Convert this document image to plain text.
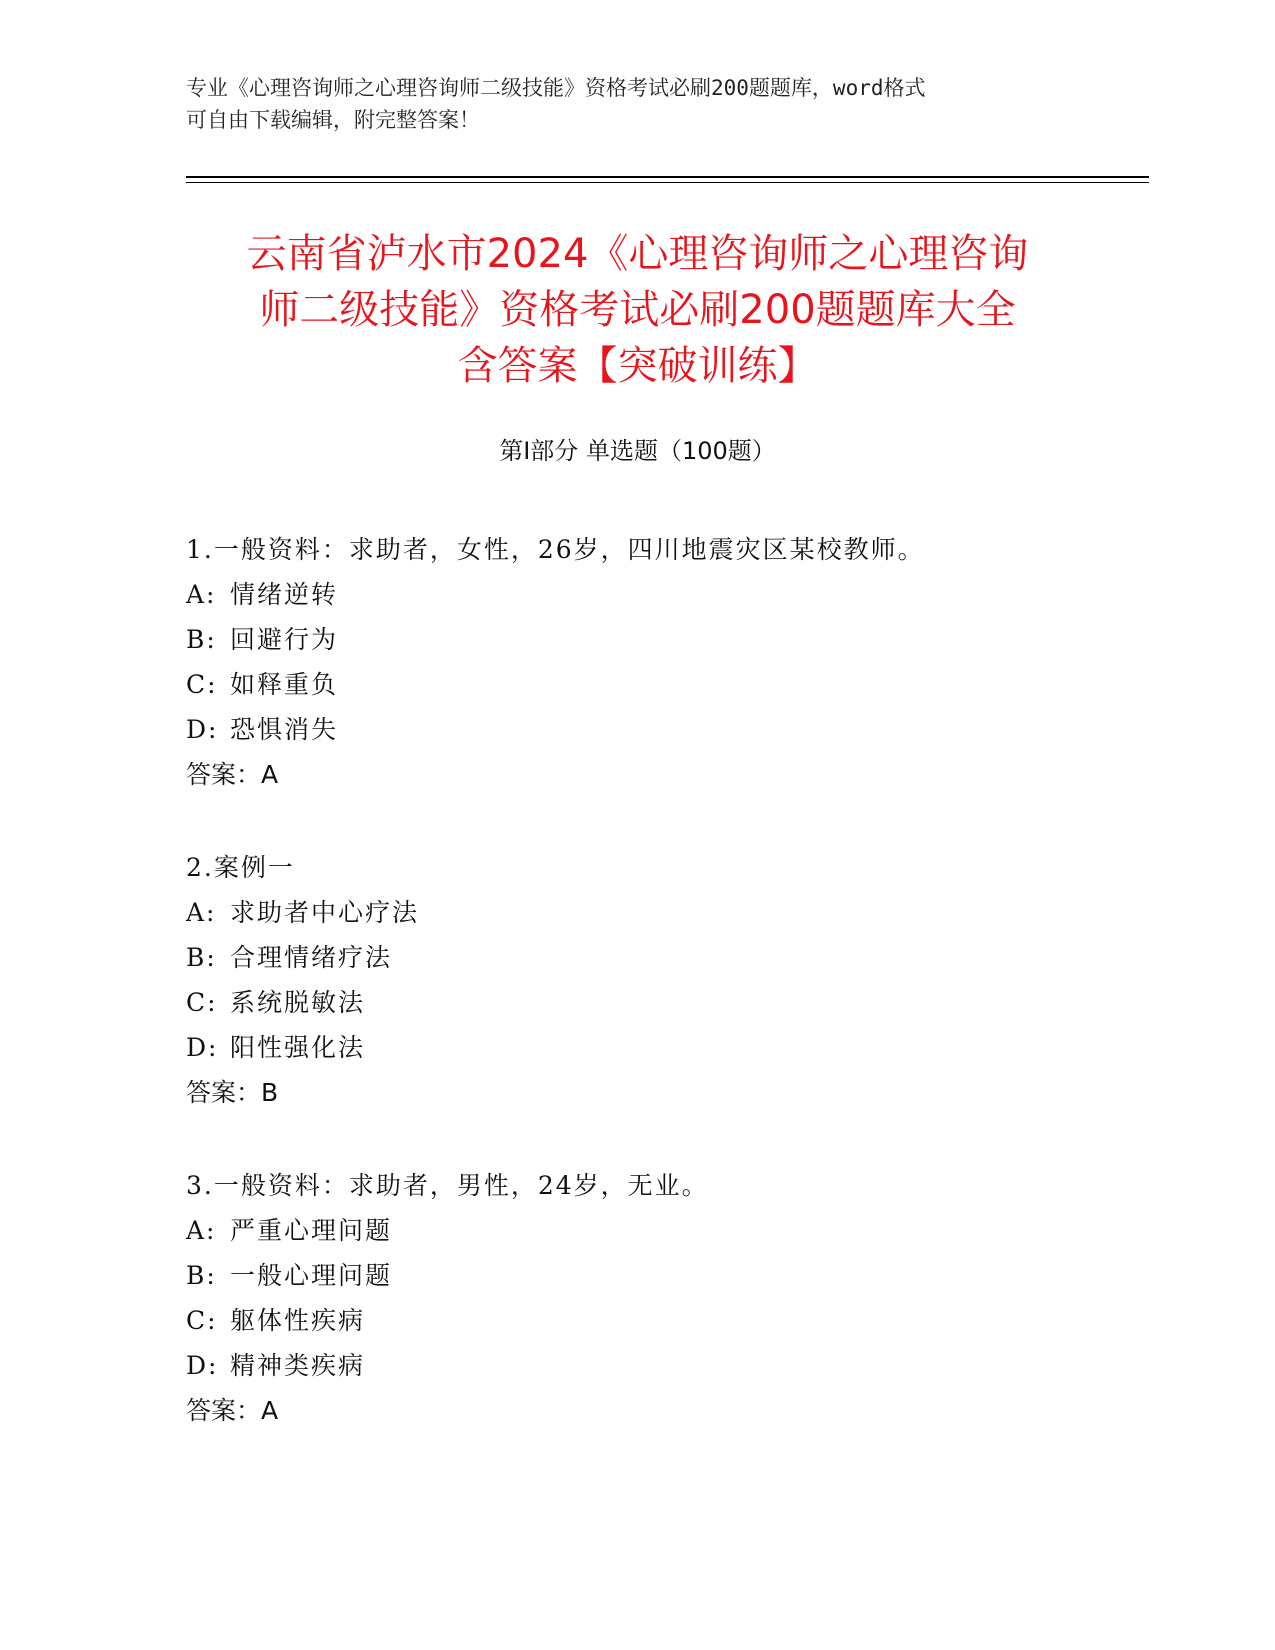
专业《心理咨询师之心理咨询师二级技能》资格考试必刷200题题库，word格式
可自由下载编辑，附完整答案！
云南省泸水市2024《心理咨询师之心理咨询
师二级技能》资格考试必刷200题题库大全
含答案【突破训练】
第Ⅰ部分 单选题（100题）
1.一般资料：求助者，女性，26岁，四川地震灾区某校教师。
A: 情绪逆转
B: 回避行为
C: 如释重负
D: 恐惧消失
答案：A
2.案例一
A: 求助者中心疗法
B: 合理情绪疗法
C: 系统脱敏法
D: 阳性强化法
答案：B
3.一般资料：求助者，男性，24岁，无业。
A: 严重心理问题
B: 一般心理问题
C: 躯体性疾病
D: 精神类疾病
答案：A
